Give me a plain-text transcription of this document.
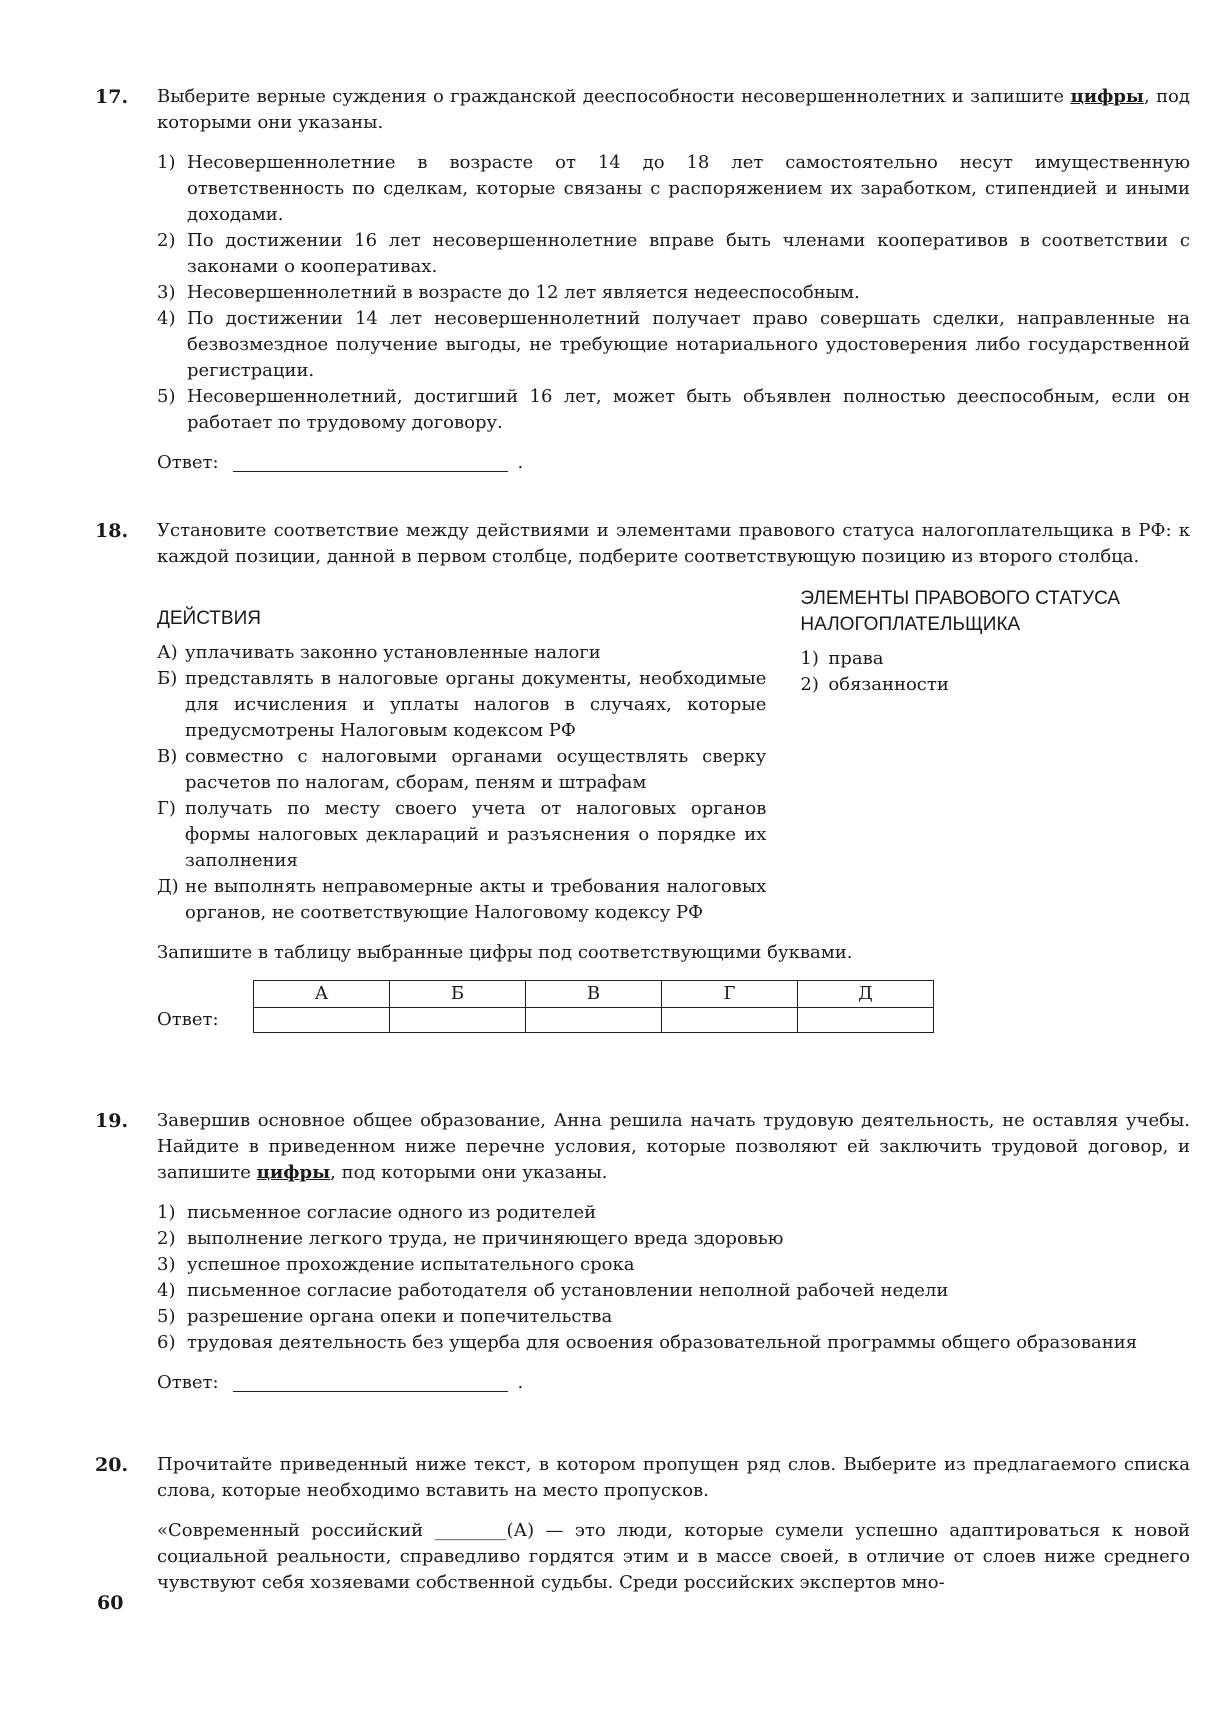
17. Выберите верные суждения о гражданской дееспособности несовершеннолетних и запишите цифры, под которыми они указаны.

1) Несовершеннолетние в возрасте от 14 до 18 лет самостоятельно несут имущественную ответственность по сделкам, которые связаны с распоряжением их заработком, стипендией и иными доходами.
2) По достижении 16 лет несовершеннолетние вправе быть членами кооперативов в соответствии с законами о кооперативах.
3) Несовершеннолетний в возрасте до 12 лет является недееспособным.
4) По достижении 14 лет несовершеннолетний получает право совершать сделки, направленные на безвозмездное получение выгоды, не требующие нотариального удостоверения либо государственной регистрации.
5) Несовершеннолетний, достигший 16 лет, может быть объявлен полностью дееспособным, если он работает по трудовому договору.
Ответ:	.
18. Установите соответствие между действиями и элементами правового статуса налогоплательщика в РФ: к каждой позиции, данной в первом столбце, подберите соответствующую позицию из второго столбца.

ДЕЙСТВИЯ
А) уплачивать законно установленные налоги
Б) представлять в налоговые органы документы, необходимые для исчисления и уплаты налогов в случаях, которые предусмотрены Налоговым кодексом РФ
В) совместно с налоговыми органами осуществлять сверку расчетов по налогам, сборам, пеням и штрафам
Г) получать по месту своего учета от налоговых органов формы налоговых деклараций и разъяснения о порядке их заполнения
Д) не выполнять неправомерные акты и требования налоговых органов, не соответствующие Налоговому кодексу РФ
ЭЛЕМЕНТЫ ПРАВОВОГО СТАТУСА НАЛОГОПЛАТЕЛЬЩИКА
1) права
2) обязанности

Запишите в таблицу выбранные цифры под соответствующими буквами.

Ответ:
А	Б	В	Г	Д

19. Завершив основное общее образование, Анна решила начать трудовую деятельность, не оставляя учебы. Найдите в приведенном ниже перечне условия, которые позволяют ей заключить трудовой договор, и запишите цифры, под которыми они указаны.

1) письменное согласие одного из родителей
2) выполнение легкого труда, не причиняющего вреда здоровью
3) успешное прохождение испытательного срока
4) письменное согласие работодателя об установлении неполной рабочей недели
5) разрешение органа опеки и попечительства
6) трудовая деятельность без ущерба для освоения образовательной программы общего образования
Ответ:	.
20. Прочитайте приведенный ниже текст, в котором пропущен ряд слов. Выберите из предлагаемого списка слова, которые необходимо вставить на место пропусков.

«Современный российский ________(А) — это люди, которые сумели успешно адаптироваться к новой социальной реальности, справедливо гордятся этим и в массе своей, в отличие от слоев ниже среднего чувствуют себя хозяевами собственной судьбы. Среди российских экспертов мно-

60
